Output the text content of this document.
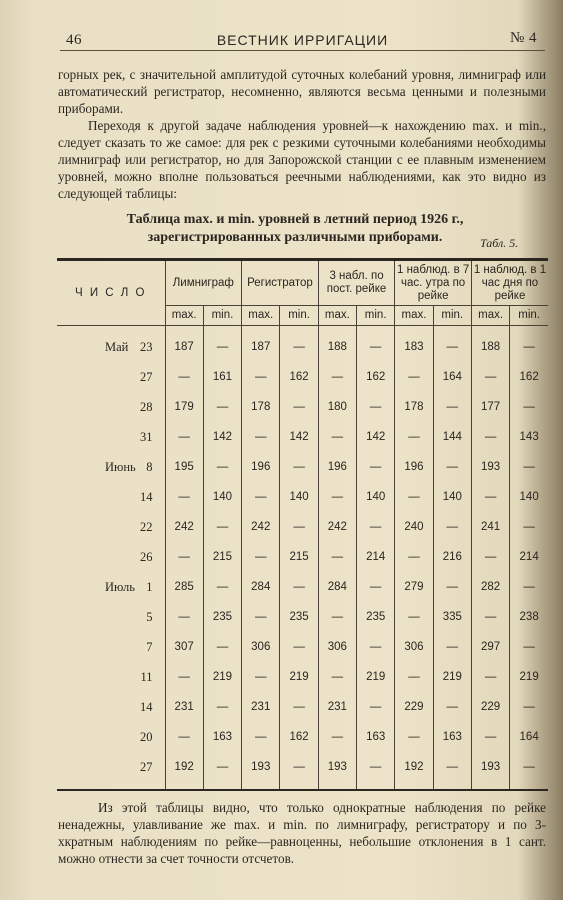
46	ВЕСТНИК ИРРИГАЦИИ	№ 4
горных рек, с значительной амплитудой суточных колебаний уровня, лимниграф или автоматический регистратор, несомненно, являются весьма ценными и полезными приборами.
Переходя к другой задаче наблюдения уровней—к нахождению max. и min., следует сказать то же самое: для рек с резкими суточными колебаниями необходимы лимниграф или регистратор, но для Запорожской станции с ее плавным изменением уровней, можно вполне пользоваться реечными наблюдениями, как это видно из следующей таблицы:
Таблица max. и min. уровней в летний период 1926 г.,
зарегистрированных различными приборами.	Табл. 5.
Ч И С Л О	Лимниграф		Регистратор		3 набл. по пост. рейке		1 наблюд. в 7 час. утра по рейке		1 наблюд. в 1 час дня по рейке	
	max.	min.	max.	min.	max.	min.	max.	min.	max.	min.

Май 23	187	—	187	—	188	—	183	—	188	—

27	—	161	—	162	—	162	—	164	—	162

28	179	—	178	—	180	—	178	—	177	—

31	—	142	—	142	—	142	—	144	—	143

Июнь 8	195	—	196	—	196	—	196	—	193	—

14	—	140	—	140	—	140	—	140	—	140

22	242	—	242	—	242	—	240	—	241	—

26	—	215	—	215	—	214	—	216	—	214

Июль 1	285	—	284	—	284	—	279	—	282	—

5	—	235	—	235	—	235	—	335	—	238

7	307	—	306	—	306	—	306	—	297	—

11	—	219	—	219	—	219	—	219	—	219

14	231	—	231	—	231	—	229	—	229	—

20	—	163	—	162	—	163	—	163	—	164

27	192	—	193	—	193	—	192	—	193	—

Из этой таблицы видно, что только однократные наблюдения по рейке ненадежны, улавливание же max. и min. по лимниграфу, регистратору и по 3-хкратным наблюдениям по рейке—равноценны, небольшие отклонения в 1 сант. можно отнести за счет точности отсчетов.
